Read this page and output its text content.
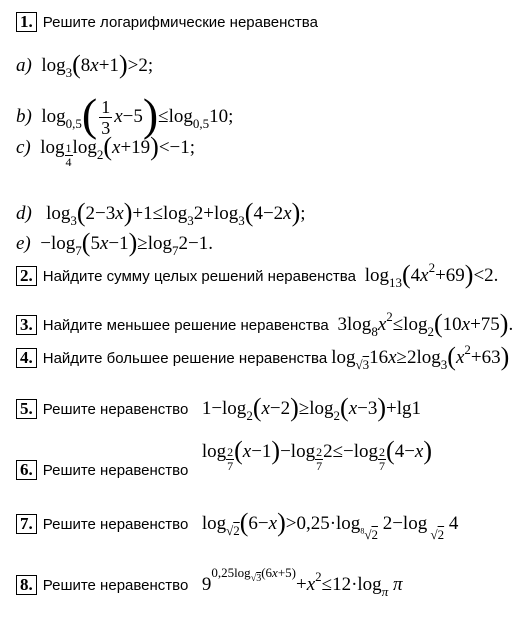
1. Решите логарифмические неравенства
a)  $\log_3(8x+1)>2$;
b)  $\log_{0,5}( \frac{1}{3} x-5)\le\log_{0,5}10$;
c)  $\log \frac{1}{4} \log_2(x+19)<-1$;
d)   $\log_3(2-3x)+1\le\log_32+\log_3(4-2x)$;
$e) -\log_7(5x-1)\ge\log_72-1$.
2. Найдите сумму целых решений неравенства  $\log_{13}(4x^2+69)<2$.
3. Найдите меньшее решение неравенства  $3\log_8x^2\le\log_2(10x+75)$.
4. Найдите большее решение неравенства $\log_{√3}16x\ge 2\log_3(x^2+63)$
5. Решите неравенство   $1-\log_2(x-2)\ge\log_2(x-3)+\lg 1$
6. Решите неравенство   $\log \frac{2}{7} (x-1)-\log \frac{2}{7} 2\le-\log \frac{2}{7} (4-x)$
7. Решите неравенство   $\log_{√2}(6-x)>0,25\cdot\log_{^8√2}$ 2−log $_{√2}$ 4
8. Решите неравенство   $9^{0,25log_{√3}(6x+5)}+x^2\le 12\cdot\log_\pi$ π
